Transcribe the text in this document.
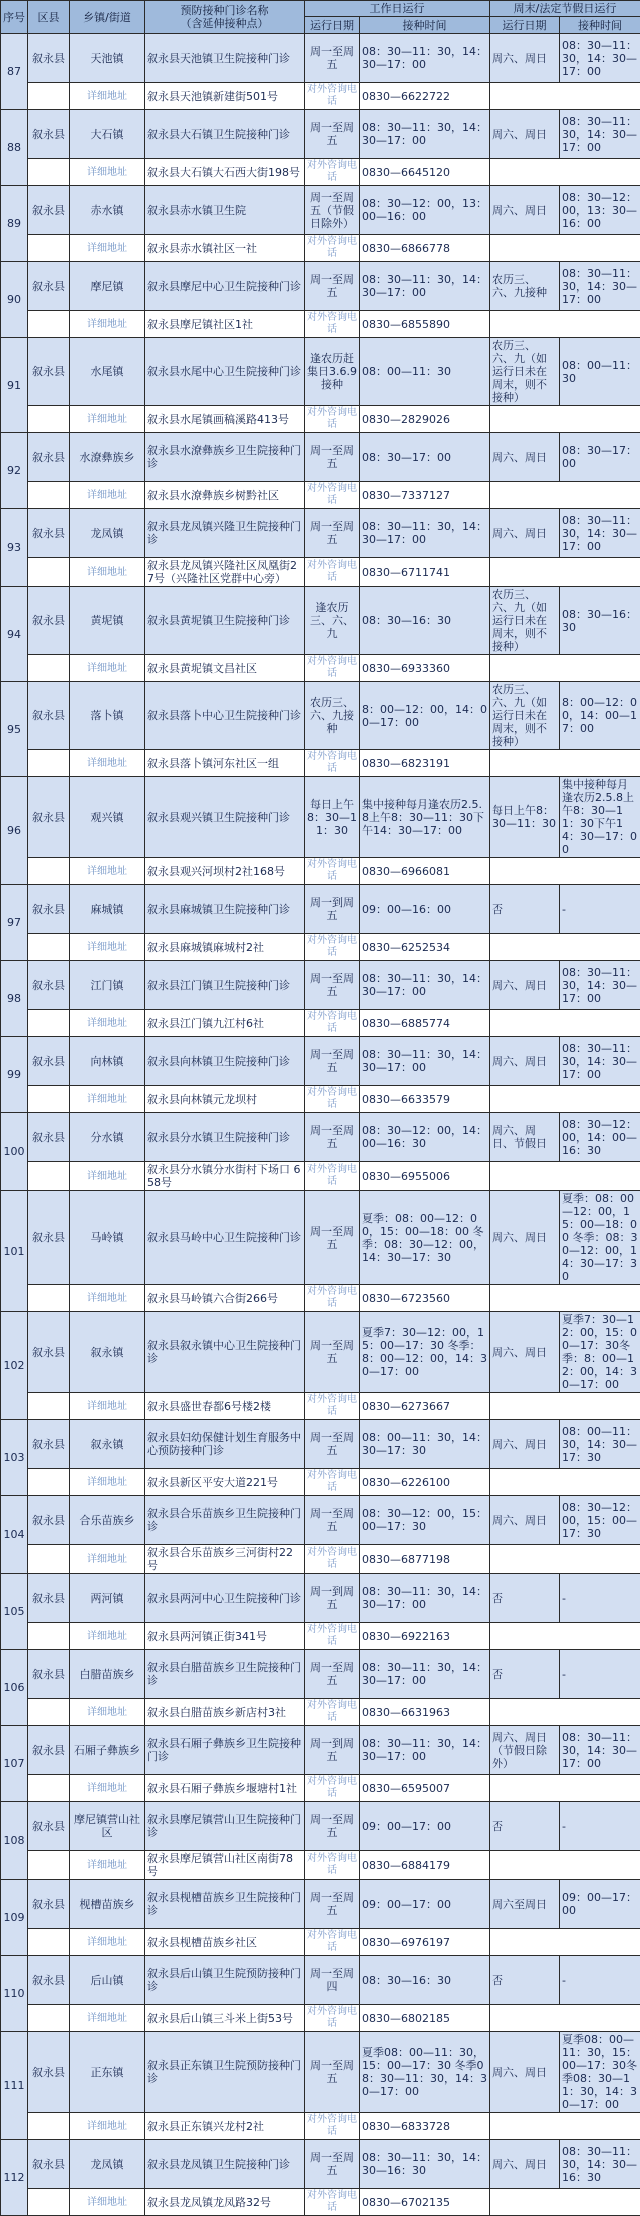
序号	区县	乡镇/街道	预防接种门诊名称
（含延伸接种点）	工作日运行		周末/法定节假日运行	
				运行日期	接种时间	运行日期	接种时间
87	叙永县	天池镇	叙永县天池镇卫生院接种门诊	周一至周五	08：30—11：30，14：30—17：00	周六、周日	08：30—11：30，14：30—17：00
		详细地址	叙永县天池镇新建街501号	对外咨询电话	0830—6622722		
88	叙永县	大石镇	叙永县大石镇卫生院接种门诊	周一至周五	08：30—11：30，14：30—17：00	周六、周日	08：30—11：30，14：30—17：00
		详细地址	叙永县大石镇大石西大街198号	对外咨询电话	0830—6645120		
89	叙永县	赤水镇	叙永县赤水镇卫生院	周一至周五（节假日除外）	08：30—12：00，13：00—16：00	周六、周日	08：30—12：00，13：30—16：00
		详细地址	叙永县赤水镇社区一社	对外咨询电话	0830—6866778		
90	叙永县	摩尼镇	叙永县摩尼中心卫生院接种门诊	周一至周五	08：30—11：30，14：30—17：00	农历三、六、九接种	08：30—11：30，14：30—17：00
		详细地址	叙永县摩尼镇社区1社	对外咨询电话	0830—6855890		
91	叙永县	水尾镇	叙永县水尾中心卫生院接种门诊	逢农历赶集日3.6.9接种	08：00—11：30	农历三、六、九（如运行日未在周末，则不接种）	08：00—11：30
		详细地址	叙永县水尾镇画稿溪路413号	对外咨询电话	0830—2829026		
92	叙永县	水潦彝族乡	叙永县水潦彝族乡卫生院接种门诊	周一至周五	08：30—17：00	周六、周日	08：30—17：00
		详细地址	叙永县水潦彝族乡树黔社区	对外咨询电话	0830—7337127		
93	叙永县	龙凤镇	叙永县龙凤镇兴隆卫生院接种门诊	周一至周五	08：30—11：30，14：30—17：00	周六、周日	08：30—11：30，14：30—17：00
		详细地址	叙永县龙凤镇兴隆社区凤凰街27号（兴隆社区党群中心旁）	对外咨询电话	0830—6711741		
94	叙永县	黄坭镇	叙永县黄坭镇卫生院接种门诊	逢农历三、六、九	08：30—16：30	农历三、六、九（如运行日未在周末，则不接种）	08：30—16：30
		详细地址	叙永县黄坭镇文昌社区	对外咨询电话	0830—6933360		
95	叙永县	落卜镇	叙永县落卜中心卫生院接种门诊	农历三、六、九接种	8：00—12：00，14：00—17：00	农历三、六、九（如运行日未在周末，则不接种）	8：00—12：00，14：00—17：00
		详细地址	叙永县落卜镇河东社区一组	对外咨询电话	0830—6823191		
96	叙永县	观兴镇	叙永县观兴镇卫生院接种门诊	每日上午8：30—11：30	集中接种每月逢农历2.5.8上午8：30—11：30下午14：30—17：00	每日上午8：30—11：30	集中接种每月逢农历2.5.8上午8：30—11：30下午14：30—17：00
		详细地址	叙永县观兴河坝村2社168号	对外咨询电话	0830—6966081		
97	叙永县	麻城镇	叙永县麻城镇卫生院接种门诊	周一到周五	09：00—16：00	否	-
		详细地址	叙永县麻城镇麻城村2社	对外咨询电话	0830—6252534		
98	叙永县	江门镇	叙永县江门镇卫生院接种门诊	周一至周五	08：30—11：30，14：30—17：00	周六、周日	08：30—11：30，14：30—17：00
		详细地址	叙永县江门镇九江村6社	对外咨询电话	0830—6885774		
99	叙永县	向林镇	叙永县向林镇卫生院接种门诊	周一至周五	08：30—11：30，14：30—17：00	周六、周日	08：30—11：30，14：30—17：00
		详细地址	叙永县向林镇元龙坝村	对外咨询电话	0830—6633579		
100	叙永县	分水镇	叙永县分水镇卫生院接种门诊	周一至周五	08：30—12：00，14：00—16：30	周六、周日、节假日	08：30—12：00，14：00—16：30
		详细地址	叙永县分水镇分水街村下场口 658号	对外咨询电话	0830—6955006		
101	叙永县	马岭镇	叙永县马岭中心卫生院接种门诊	周一至周五	夏季：08：00—12：00，15：00—18：00 冬季：08：30—12：00，14：30—17：30	周六、周日	夏季：08：00—12：00，15：00—18：00 冬季：08：30—12：00，14：30—17：30
		详细地址	叙永县马岭镇六合街266号	对外咨询电话	0830—6723560		
102	叙永县	叙永镇	叙永县叙永镇中心卫生院接种门诊	周一至周五	夏季7：30—12：00，15：00—17：30 冬季：8：00—12：00，14：30—17：00	周六、周日	夏季7：30—12：00，15：00—17：30冬季：8：00—12：00，14：30—17：00
		详细地址	叙永县盛世春都6号楼2楼	对外咨询电话	0830—6273667		
103	叙永县	叙永镇	叙永县妇幼保健计划生育服务中心预防接种门诊	周一至周五	08：00—11：30，14：30—17：30	周六、周日	08：00—11：30，14：30—17：30
		详细地址	叙永县新区平安大道221号	对外咨询电话	0830—6226100		
104	叙永县	合乐苗族乡	叙永县合乐苗族乡卫生院接种门诊	周一至周五	08：30—12：00，15：00—17：30	周六、周日	08：30—12：00，15：00—17：30
		详细地址	叙永县合乐苗族乡三河街村22号	对外咨询电话	0830—6877198		
105	叙永县	两河镇	叙永县两河中心卫生院接种门诊	周一到周五	08：30—11：30，14：30—17：00	否	-
		详细地址	叙永县两河镇正街341号	对外咨询电话	0830—6922163		
106	叙永县	白腊苗族乡	叙永县白腊苗族乡卫生院接种门诊	周一至周五	08：30—11：30，14：30—17：00	否	-
		详细地址	叙永县白腊苗族乡新店村3社	对外咨询电话	0830—6631963		
107	叙永县	石厢子彝族乡	叙永县石厢子彝族乡卫生院接种门诊	周一到周五	08：30—11：30，14：30—17：00	周六、周日（节假日除外）	08：30—11：30，14：30—17：00
		详细地址	叙永县石厢子彝族乡堰塘村1社	对外咨询电话	0830—6595007		
108	叙永县	摩尼镇营山社区	叙永县摩尼镇营山卫生院接种门诊	周一至周五	09：00—17：00	否	-
		详细地址	叙永县摩尼镇营山社区南街78号	对外咨询电话	0830—6884179		
109	叙永县	枧槽苗族乡	叙永县枧槽苗族乡卫生院接种门诊	周一至周五	09：00—17：00	周六至周日	09：00—17：00
		详细地址	叙永县枧槽苗族乡社区	对外咨询电话	0830—6976197		
110	叙永县	后山镇	叙永县后山镇卫生院预防接种门诊	周一至周四	08：30—16：30	否	-
		详细地址	叙永县后山镇三斗米上街53号	对外咨询电话	0830—6802185		
111	叙永县	正东镇	叙永县正东镇卫生院预防接种门诊	周一至周五	夏季08：00—11：30，15：00—17：30 冬季08：30—11：30，14：30—17：00	周六、周日	夏季08：00—11：30，15：00—17：30冬季08：30—11：30，14：30—17：00
		详细地址	叙永县正东镇兴龙村2社	对外咨询电话	0830—6833728		
112	叙永县	龙凤镇	叙永县龙凤镇卫生院接种门诊	周一至周五	08：30—11：30，14：30—16：30	周六、周日	08：30—11：30，14：30—16：30
		详细地址	叙永县龙凤镇龙凤路32号	对外咨询电话	0830—6702135		
